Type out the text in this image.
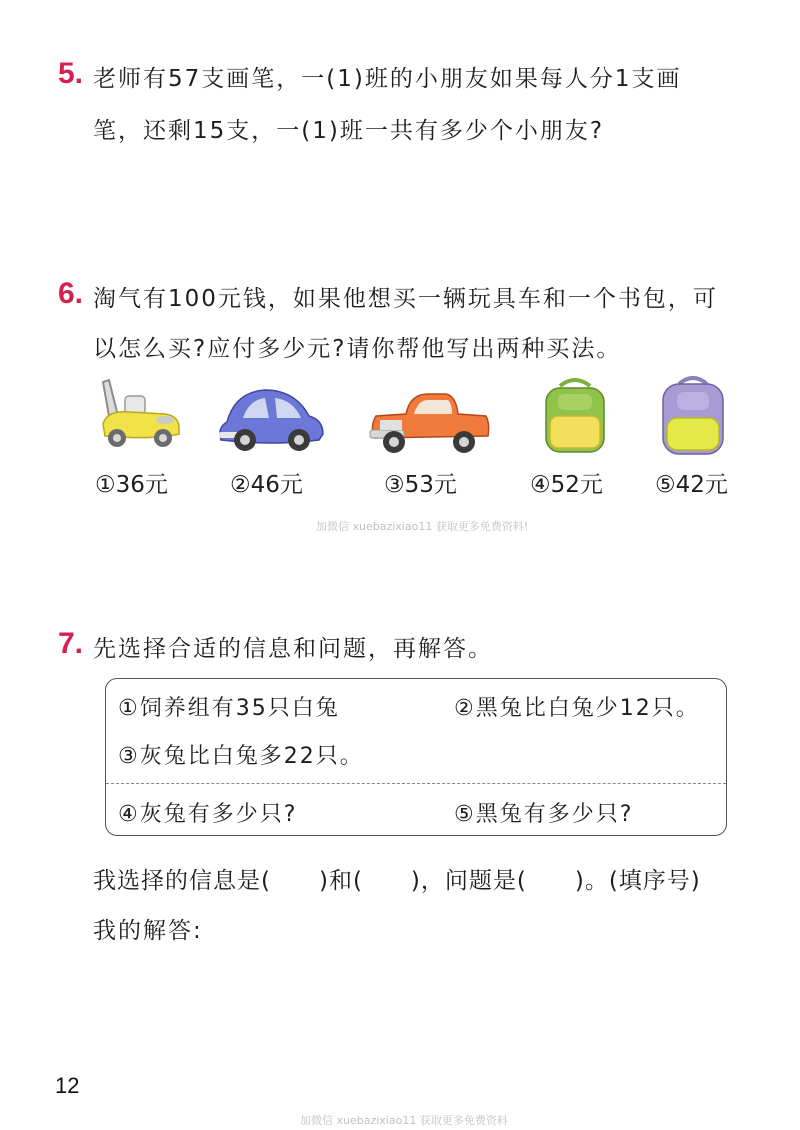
5. 老师有57支画笔，一(1)班的小朋友如果每人分1支画
笔，还剩15支，一(1)班一共有多少个小朋友?
6. 淘气有100元钱，如果他想买一辆玩具车和一个书包，可
以怎么买?应付多少元?请你帮他写出两种买法。
①36元	②46元	③53元	④52元 ⑤42元
加微信 xuebazixiao11 获取更多免费资料!
7. 先选择合适的信息和问题，再解答。
①饲养组有35只白兔	②黑兔比白兔少12只。
③灰兔比白兔多22只。
④灰兔有多少只?	⑤黑兔有多少只?
我选择的信息是(　　)和(　　)，问题是(　　)。(填序号)
我的解答:
12
加微信 xuebazixiao11 获取更多免费资料
